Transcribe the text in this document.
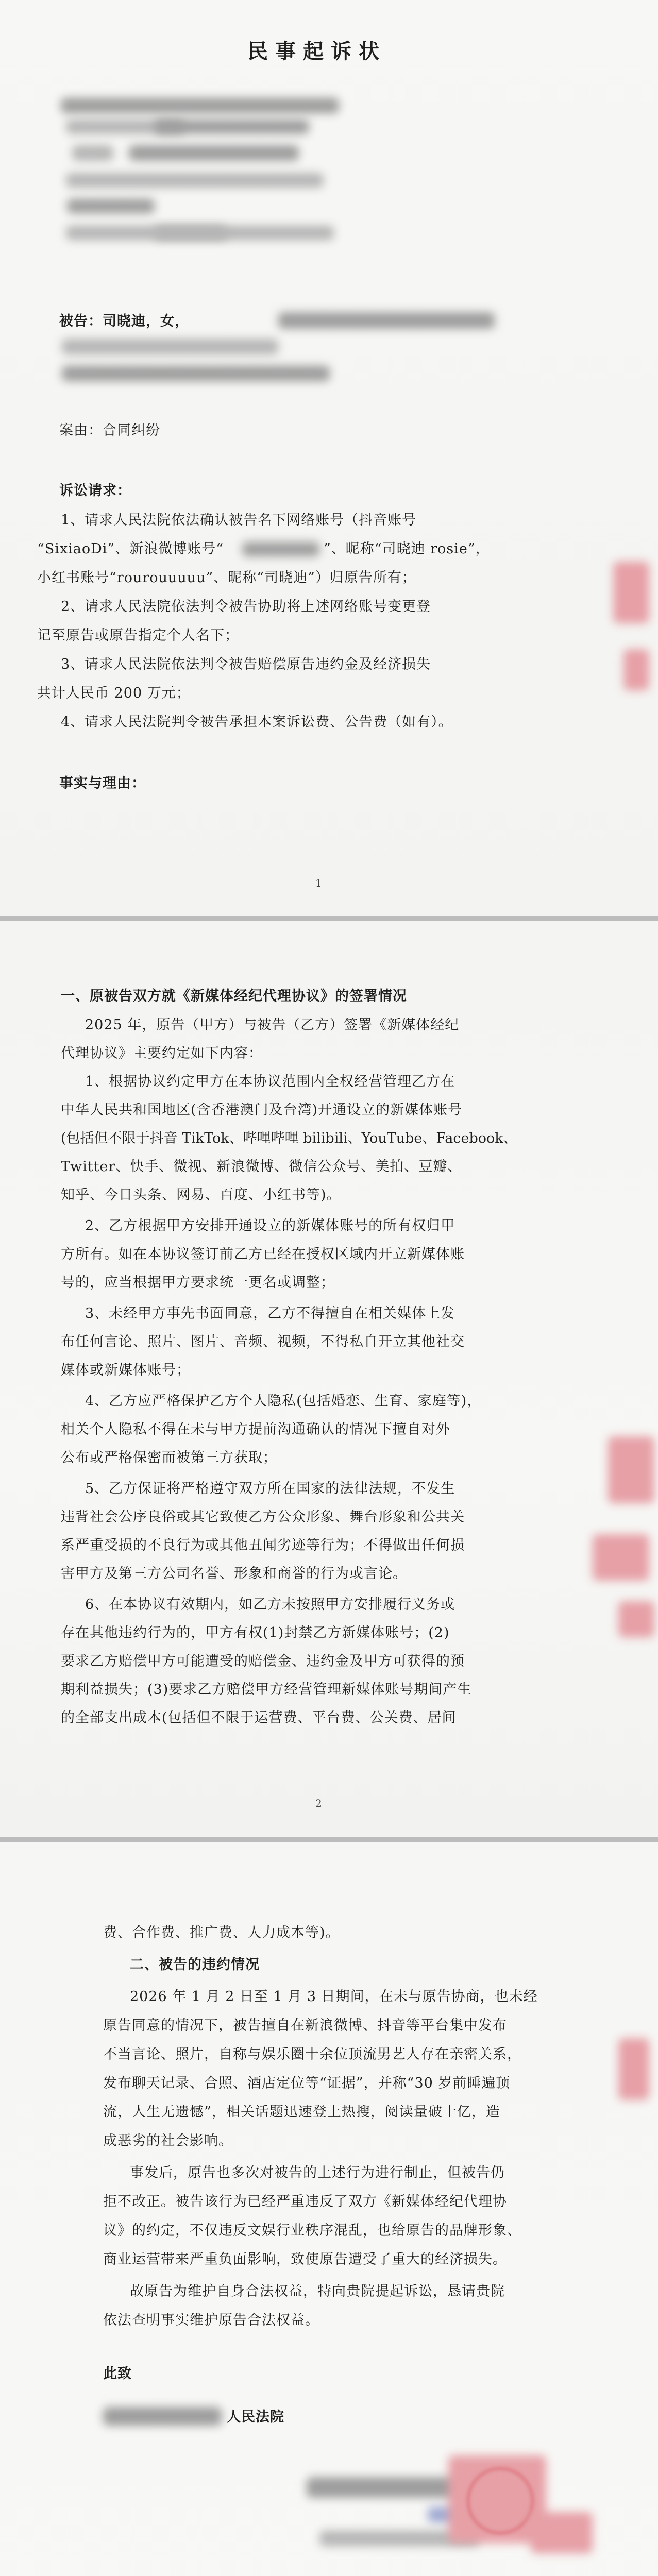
民事起诉状
被告：司晓迪，女，
案由：合同纠纷
诉讼请求：
1、请求人民法院依法确认被告名下网络账号（抖音账号
“SixiaoDi”、新浪微博账号“	”、昵称“司晓迪 rosie”，
小红书账号“rourouuuuu”、昵称“司晓迪”）归原告所有；
2、请求人民法院依法判令被告协助将上述网络账号变更登
记至原告或原告指定个人名下；
3、请求人民法院依法判令被告赔偿原告违约金及经济损失
共计人民币 200 万元；
4、请求人民法院判令被告承担本案诉讼费、公告费（如有）。
事实与理由：
1
一、原被告双方就《新媒体经纪代理协议》的签署情况
2025 年，原告（甲方）与被告（乙方）签署《新媒体经纪
代理协议》主要约定如下内容：
1、根据协议约定甲方在本协议范围内全权经营管理乙方在
中华人民共和国地区(含香港澳门及台湾)开通设立的新媒体账号
(包括但不限于抖音 TikTok、哔哩哔哩 bilibili、YouTube、Facebook、
Twitter、快手、微视、新浪微博、微信公众号、美拍、豆瓣、
知乎、今日头条、网易、百度、小红书等)。
2、乙方根据甲方安排开通设立的新媒体账号的所有权归甲
方所有。如在本协议签订前乙方已经在授权区域内开立新媒体账
号的，应当根据甲方要求统一更名或调整；
3、未经甲方事先书面同意，乙方不得擅自在相关媒体上发
布任何言论、照片、图片、音频、视频，不得私自开立其他社交
媒体或新媒体账号；
4、乙方应严格保护乙方个人隐私(包括婚恋、生育、家庭等)，
相关个人隐私不得在未与甲方提前沟通确认的情况下擅自对外
公布或严格保密而被第三方获取；
5、乙方保证将严格遵守双方所在国家的法律法规，不发生
违背社会公序良俗或其它致使乙方公众形象、舞台形象和公共关
系严重受损的不良行为或其他丑闻劣迹等行为；不得做出任何损
害甲方及第三方公司名誉、形象和商誉的行为或言论。
6、在本协议有效期内，如乙方未按照甲方安排履行义务或
存在其他违约行为的，甲方有权(1)封禁乙方新媒体账号；(2)
要求乙方赔偿甲方可能遭受的赔偿金、违约金及甲方可获得的预
期利益损失；(3)要求乙方赔偿甲方经营管理新媒体账号期间产生
的全部支出成本(包括但不限于运营费、平台费、公关费、居间
2
费、合作费、推广费、人力成本等)。
二、被告的违约情况
2026 年 1 月 2 日至 1 月 3 日期间，在未与原告协商，也未经
原告同意的情况下，被告擅自在新浪微博、抖音等平台集中发布
不当言论、照片，自称与娱乐圈十余位顶流男艺人存在亲密关系，
发布聊天记录、合照、酒店定位等“证据”，并称“30 岁前睡遍顶
流，人生无遗憾”，相关话题迅速登上热搜，阅读量破十亿，造
成恶劣的社会影响。
事发后，原告也多次对被告的上述行为进行制止，但被告仍
拒不改正。被告该行为已经严重违反了双方《新媒体经纪代理协
议》的约定，不仅违反文娱行业秩序混乱，也给原告的品牌形象、
商业运营带来严重负面影响，致使原告遭受了重大的经济损失。
故原告为维护自身合法权益，特向贵院提起诉讼，恳请贵院
依法查明事实维护原告合法权益。
此致
人民法院
